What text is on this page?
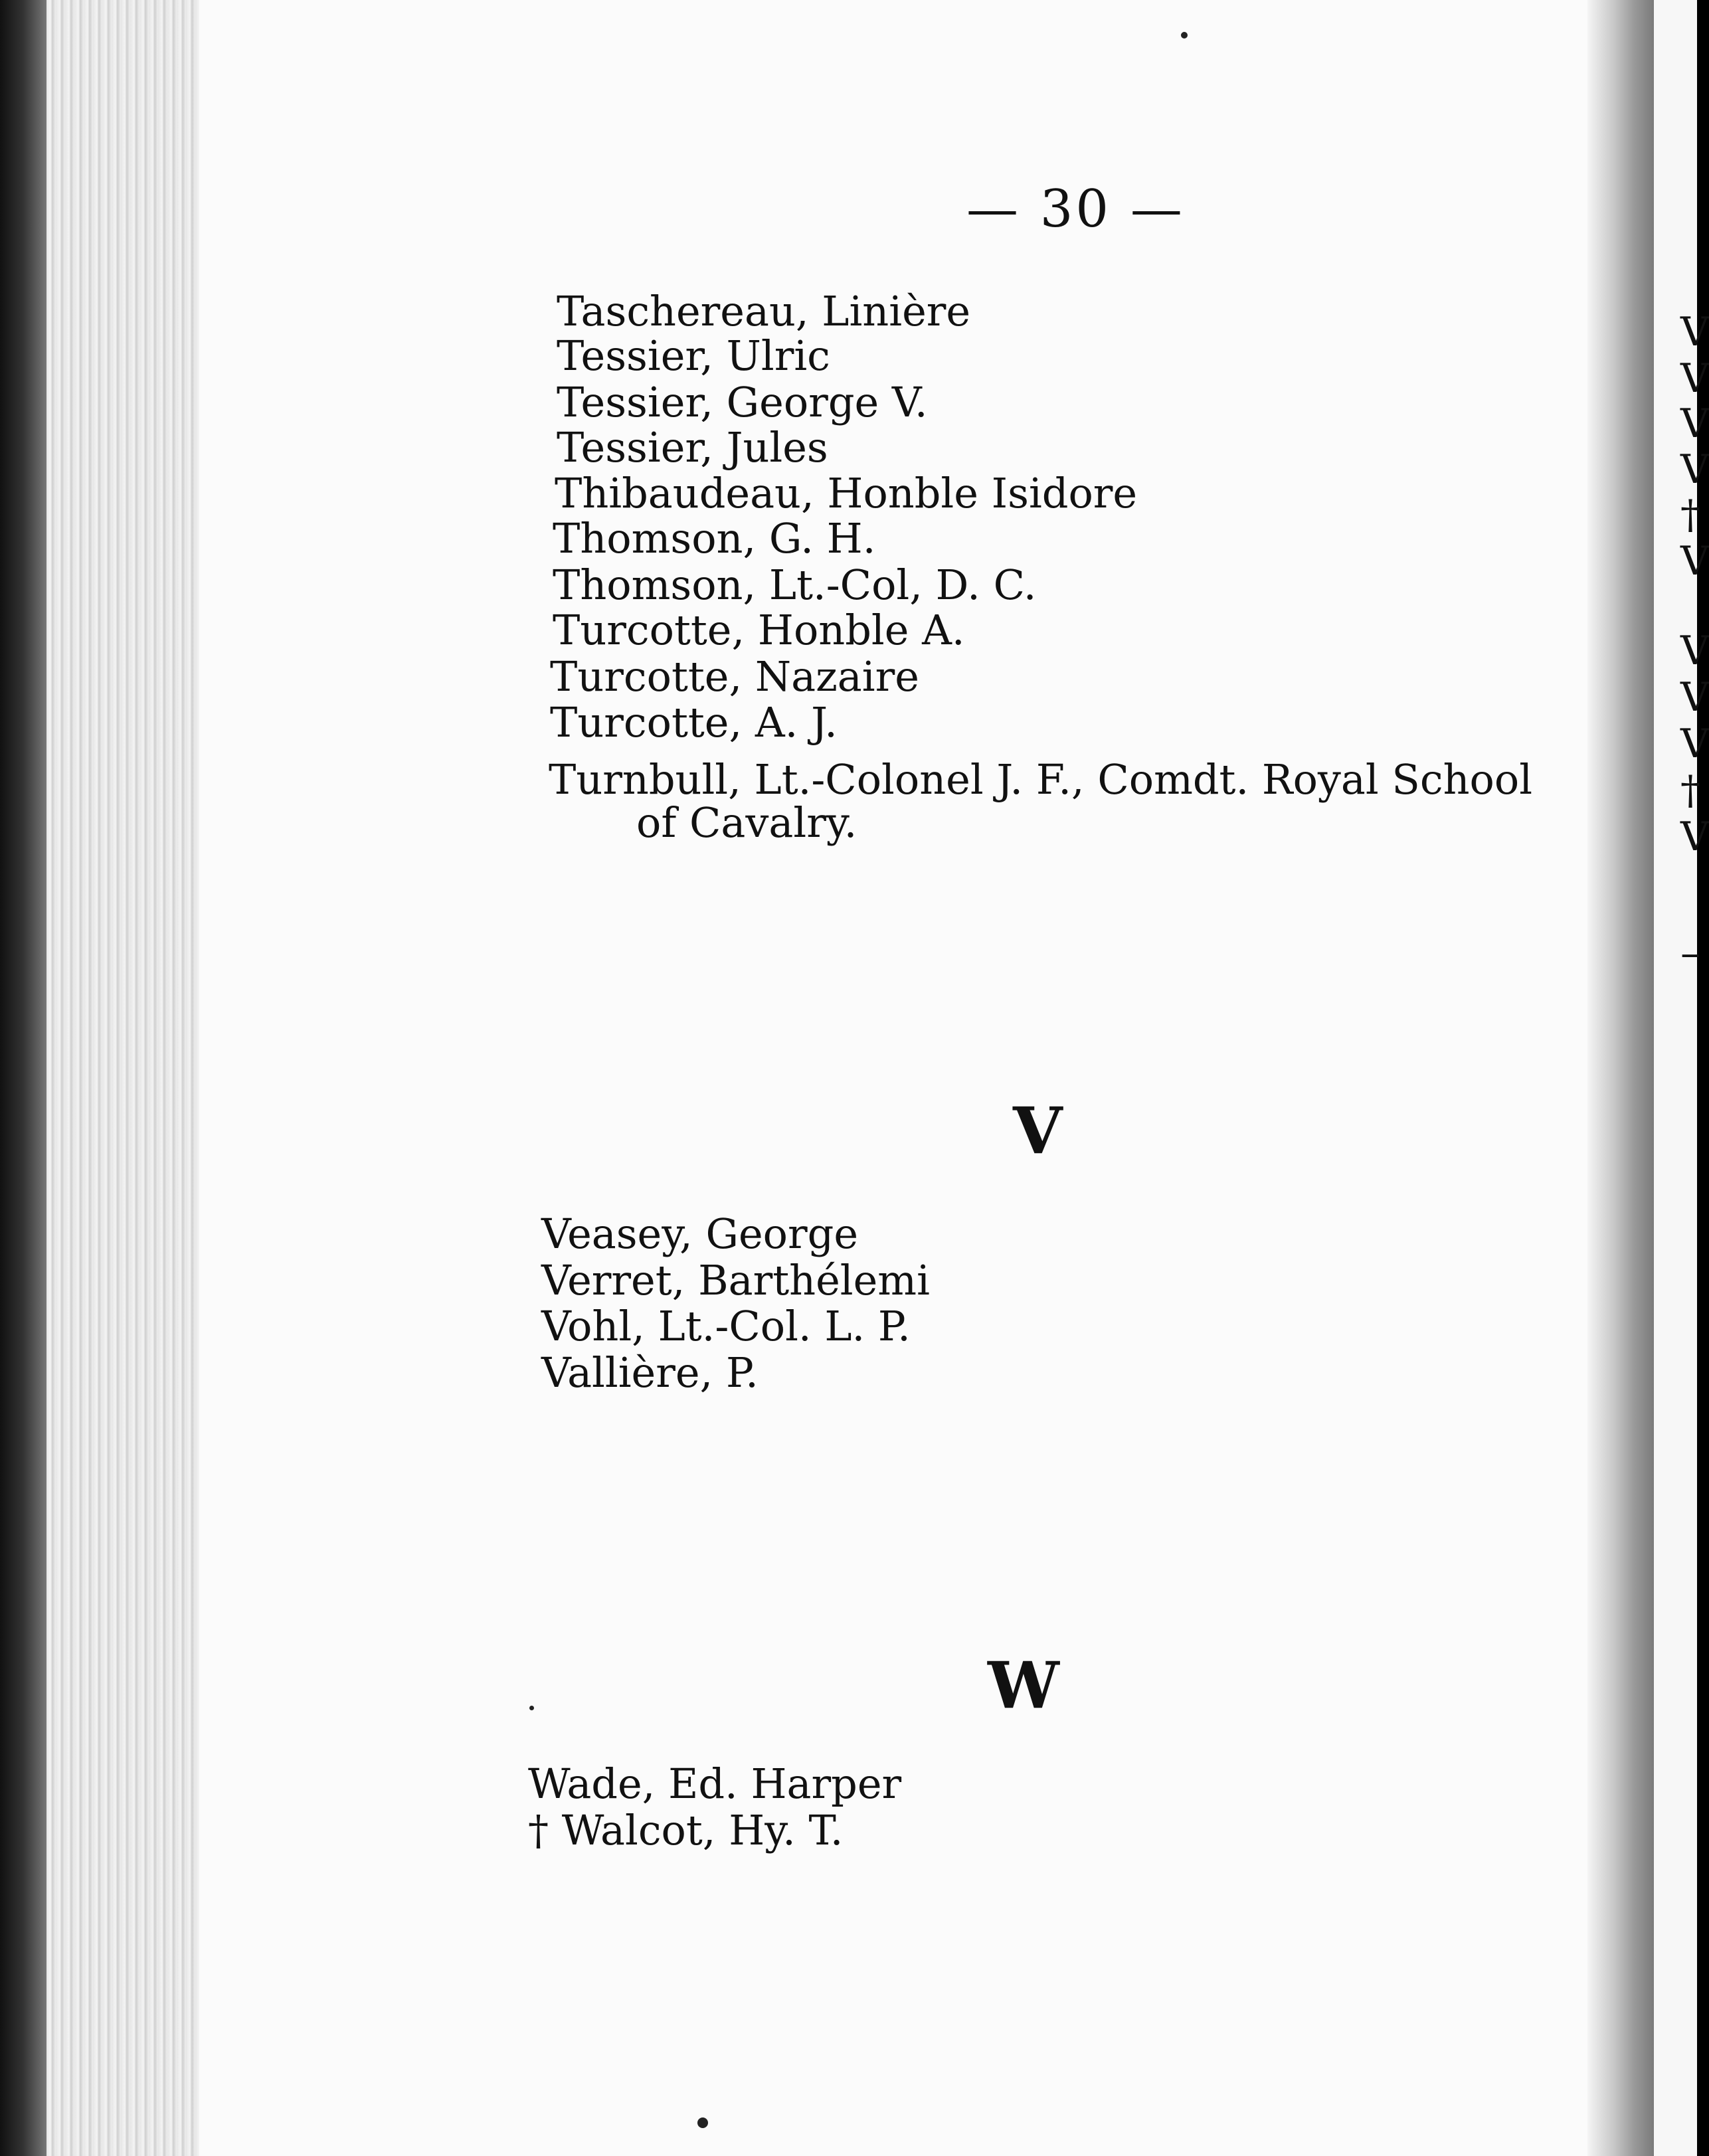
— 30 —
Taschereau, Linière
Tessier, Ulric
Tessier, George V.
Tessier, Jules
Thibaudeau, Honble Isidore
Thomson, G. H.
Thomson, Lt.-Col, D. C.
Turcotte, Honble A.
Turcotte, Nazaire
Turcotte, A. J.
Turnbull, Lt.-Colonel J. F., Comdt. Royal School
of Cavalry.
V
Veasey, George
Verret, Barthélemi
Vohl, Lt.-Col. L. P.
Vallière, P.
W
Wade, Ed. Harper
† Walcot, Hy. T.
V
V
V
V
†
V
V
V
V
†
V
–
